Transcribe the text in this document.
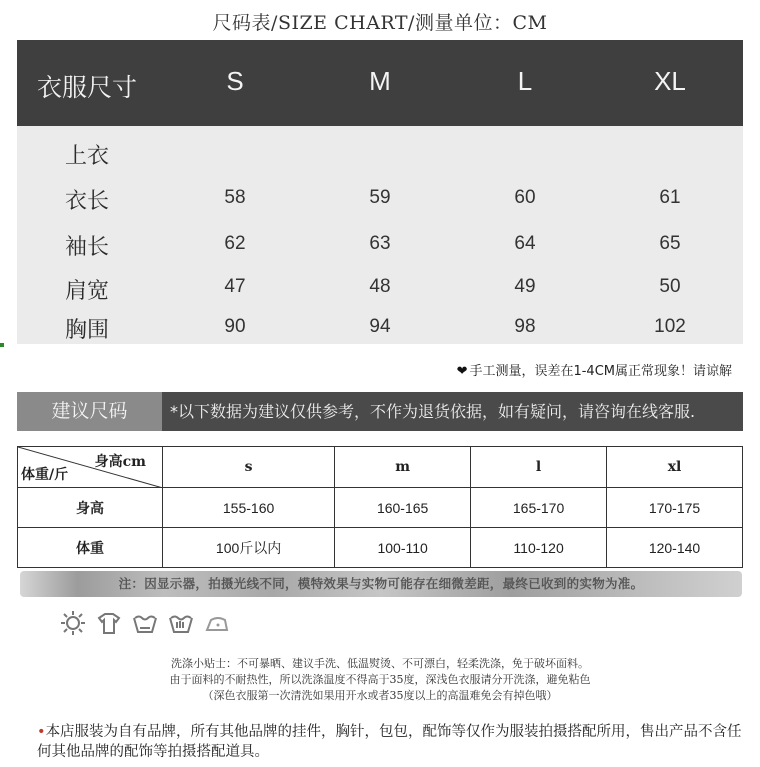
尺码表/SIZE CHART/测量单位：CM
衣服尺寸	S	M	L	XL
上衣
衣长	58	59	60	61
袖长	62	63	64	65
肩宽	47	48	49	50
胸围	90	94	98	102
❤ 手工测量，误差在1-4CM属正常现象！请谅解
建议尺码	*以下数据为建议仅供参考，不作为退货依据，如有疑问，请咨询在线客服.
身高cm
体重/斤	s	m	l	xl
身高	155-160	160-165	165-170	170-175
体重	100斤以内	100-110	110-120	120-140
注：因显示器，拍摄光线不同，模特效果与实物可能存在细微差距，最终已收到的实物为准。
洗涤小贴士：不可暴晒、建议手洗、低温熨烫、不可漂白，轻柔洗涤，免于破坏面料。
由于面料的不耐热性，所以洗涤温度不得高于35度，深浅色衣服请分开洗涤，避免粘色
（深色衣服第一次清洗如果用开水或者35度以上的高温难免会有掉色哦）
•本店服装为自有品牌，所有其他品牌的挂件，胸针，包包，配饰等仅作为服装拍摄搭配所用，售出产品不含任何其他品牌的配饰等拍摄搭配道具。
